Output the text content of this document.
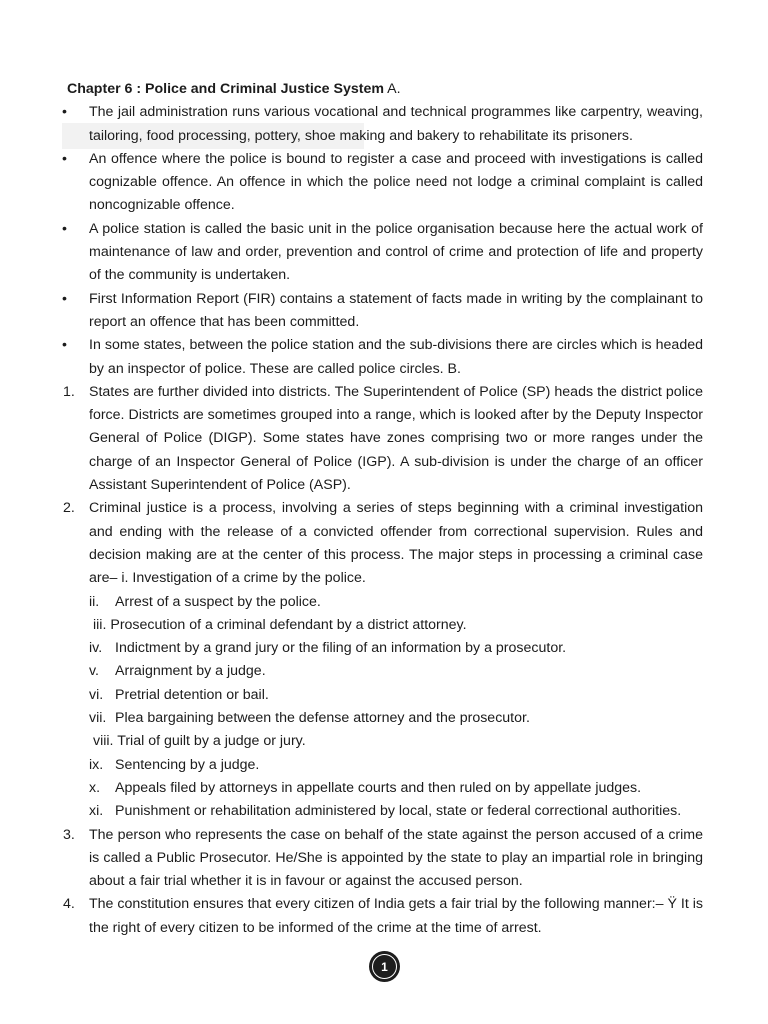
Chapter 6 : Police and Criminal Justice System A.
• The jail administration runs various vocational and technical programmes like carpentry, weaving, tailoring, food processing, pottery, shoe making and bakery to rehabilitate its prisoners.
• An offence where the police is bound to register a case and proceed with investigations is called cognizable offence. An offence in which the police need not lodge a criminal complaint is called noncognizable offence.
• A police station is called the basic unit in the police organisation because here the actual work of maintenance of law and order, prevention and control of crime and protection of life and property of the community is undertaken.
• First Information Report (FIR) contains a statement of facts made in writing by the complainant to report an offence that has been committed.
• In some states, between the police station and the sub-divisions there are circles which is headed by an inspector of police. These are called police circles. B.
1. States are further divided into districts. The Superintendent of Police (SP) heads the district police force. Districts are sometimes grouped into a range, which is looked after by the Deputy Inspector General of Police (DIGP). Some states have zones comprising two or more ranges under the charge of an Inspector General of Police (IGP). A sub-division is under the charge of an officer Assistant Superintendent of Police (ASP).
2. Criminal justice is a process, involving a series of steps beginning with a criminal investigation and ending with the release of a convicted offender from correctional supervision. Rules and decision making are at the center of this process. The major steps in processing a criminal case are– i. Investigation of a crime by the police.
ii. Arrest of a suspect by the police.
iii. Prosecution of a criminal defendant by a district attorney.
iv. Indictment by a grand jury or the filing of an information by a prosecutor.
v. Arraignment by a judge.
vi. Pretrial detention or bail.
vii. Plea bargaining between the defense attorney and the prosecutor.
viii. Trial of guilt by a judge or jury.
ix. Sentencing by a judge.
x. Appeals filed by attorneys in appellate courts and then ruled on by appellate judges.
xi. Punishment or rehabilitation administered by local, state or federal correctional authorities.
3. The person who represents the case on behalf of the state against the person accused of a crime is called a Public Prosecutor. He/She is appointed by the state to play an impartial role in bringing about a fair trial whether it is in favour or against the accused person.
4. The constitution ensures that every citizen of India gets a fair trial by the following manner:– Ÿ It is the right of every citizen to be informed of the crime at the time of arrest.
1
